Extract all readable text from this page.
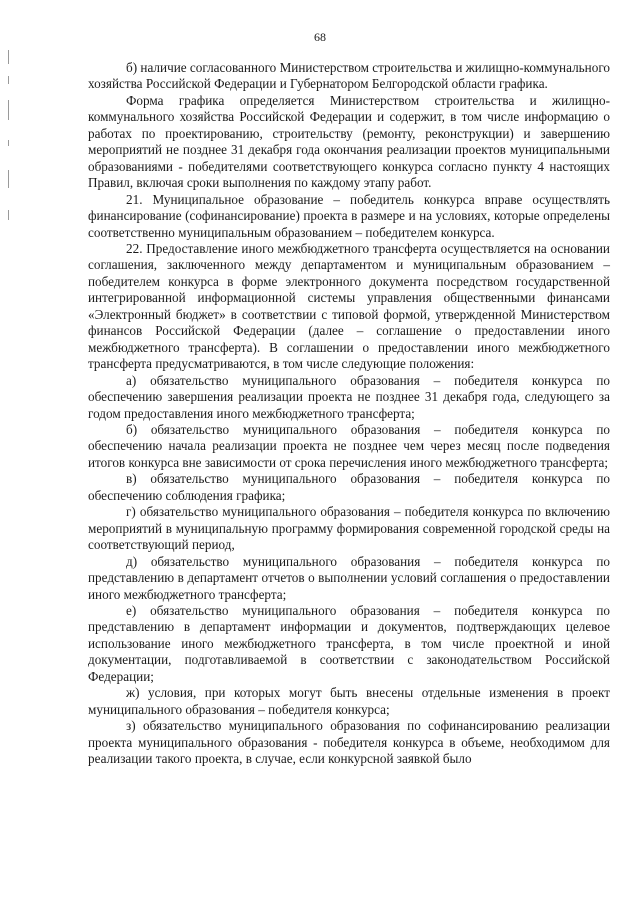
68

б) наличие согласованного Министерством строительства и жилищно-коммунального хозяйства Российской Федерации и Губернатором Белгородской области графика.

Форма графика определяется Министерством строительства и жилищно-коммунального хозяйства Российской Федерации и содержит, в том числе информацию о работах по проектированию, строительству (ремонту, реконструкции) и завершению мероприятий не позднее 31 декабря года окончания реализации проектов муниципальными образованиями - победителями соответствующего конкурса согласно пункту 4 настоящих Правил, включая сроки выполнения по каждому этапу работ.

21. Муниципальное образование – победитель конкурса вправе осуществлять финансирование (софинансирование) проекта в размере и на условиях, которые определены соответственно муниципальным образованием – победителем конкурса.

22. Предоставление иного межбюджетного трансферта осуществляется на основании соглашения, заключенного между департаментом и муниципальным образованием – победителем конкурса в форме электронного документа посредством государственной интегрированной информационной системы управления общественными финансами «Электронный бюджет» в соответствии с типовой формой, утвержденной Министерством финансов Российской Федерации (далее – соглашение о предоставлении иного межбюджетного трансферта). В соглашении о предоставлении иного межбюджетного трансферта предусматриваются, в том числе следующие положения:

а) обязательство муниципального образования – победителя конкурса по обеспечению завершения реализации проекта не позднее 31 декабря года, следующего за годом предоставления иного межбюджетного трансферта;

б) обязательство муниципального образования – победителя конкурса по обеспечению начала реализации проекта не позднее чем через месяц после подведения итогов конкурса вне зависимости от срока перечисления иного межбюджетного трансферта;

в) обязательство муниципального образования – победителя конкурса по обеспечению соблюдения графика;

г) обязательство муниципального образования – победителя конкурса по включению мероприятий в муниципальную программу формирования современной городской среды на соответствующий период,

д) обязательство муниципального образования – победителя конкурса по представлению в департамент отчетов о выполнении условий соглашения о предоставлении иного межбюджетного трансферта;

е) обязательство муниципального образования – победителя конкурса по представлению в департамент информации и документов, подтверждающих целевое использование иного межбюджетного трансферта, в том числе проектной и иной документации, подготавливаемой в соответствии с законодательством Российской Федерации;

ж) условия, при которых могут быть внесены отдельные изменения в проект муниципального образования – победителя конкурса;

з) обязательство муниципального образования по софинансированию реализации проекта муниципального образования - победителя конкурса в объеме, необходимом для реализации такого проекта, в случае, если конкурсной заявкой было
